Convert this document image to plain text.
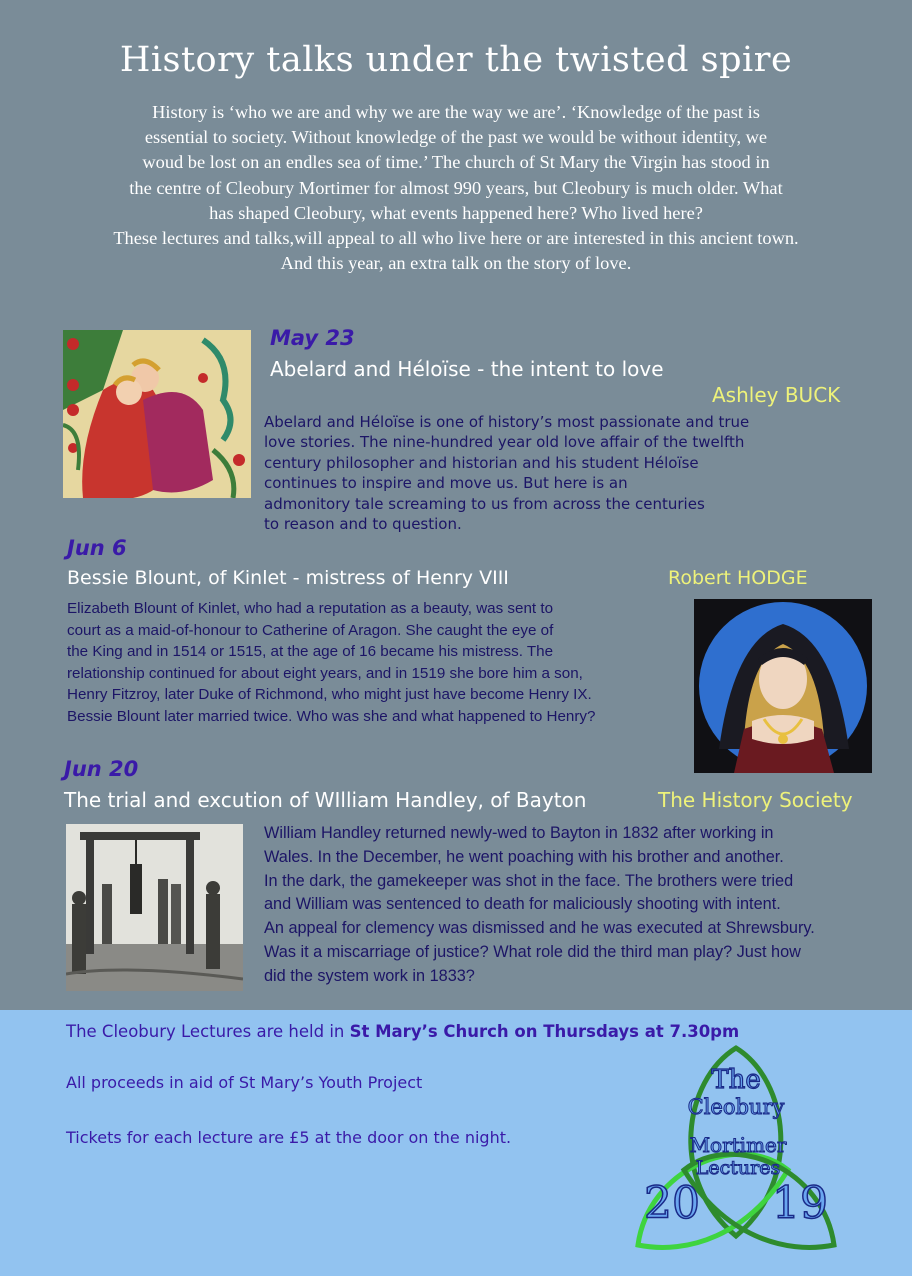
History talks under the twisted spire
History is ‘who we are and why we are the way we are’. ‘Knowledge of the past is
essential to society. Without knowledge of the past we would be without identity, we
woud be lost on an endles sea of time.’ The church of St Mary the Virgin has stood in
the centre of Cleobury Mortimer for almost 990 years, but Cleobury is much older. What
has shaped Cleobury, what events happened here? Who lived here?
These lectures and talks,will appeal to all who live here or are interested in this ancient town.
And this year, an extra talk on the story of love.
May 23
Abelard and Héloïse - the intent to love
Ashley BUCK
Abelard and Héloïse is one of history’s most passionate and true
love stories. The nine-hundred year old love affair of the twelfth
century philosopher and historian and his student Héloïse
continues to inspire and move us. But here is an
admonitory tale screaming to us from across the centuries
to reason and to question.
Jun 6
Bessie Blount, of Kinlet - mistress of Henry VIII	Robert HODGE
Elizabeth Blount of Kinlet, who had a reputation as a beauty, was sent to
court as a maid-of-honour to Catherine of Aragon. She caught the eye of
the King and in 1514 or 1515, at the age of 16 became his mistress. The
relationship continued for about eight years, and in 1519 she bore him a son,
Henry Fitzroy, later Duke of Richmond, who might just have become Henry IX.
Bessie Blount later married twice. Who was she and what happened to Henry?
Jun 20
The trial and excution of WIlliam Handley, of Bayton	The History Society
William Handley returned newly-wed to Bayton in 1832 after working in
Wales. In the December, he went poaching with his brother and another.
In the dark, the gamekeeper was shot in the face. The brothers were tried
and William was sentenced to death for maliciously shooting with intent.
An appeal for clemency was dismissed and he was executed at Shrewsbury.
Was it a miscarriage of justice? What role did the third man play? Just how
did the system work in 1833?
The Cleobury Lectures are held in St Mary’s Church on Thursdays at 7.30pm
All proceeds in aid of St Mary’s Youth Project
Tickets for each lecture are £5 at the door on the night.
The
Cleobury
Mortimer
Lectures
20 19
